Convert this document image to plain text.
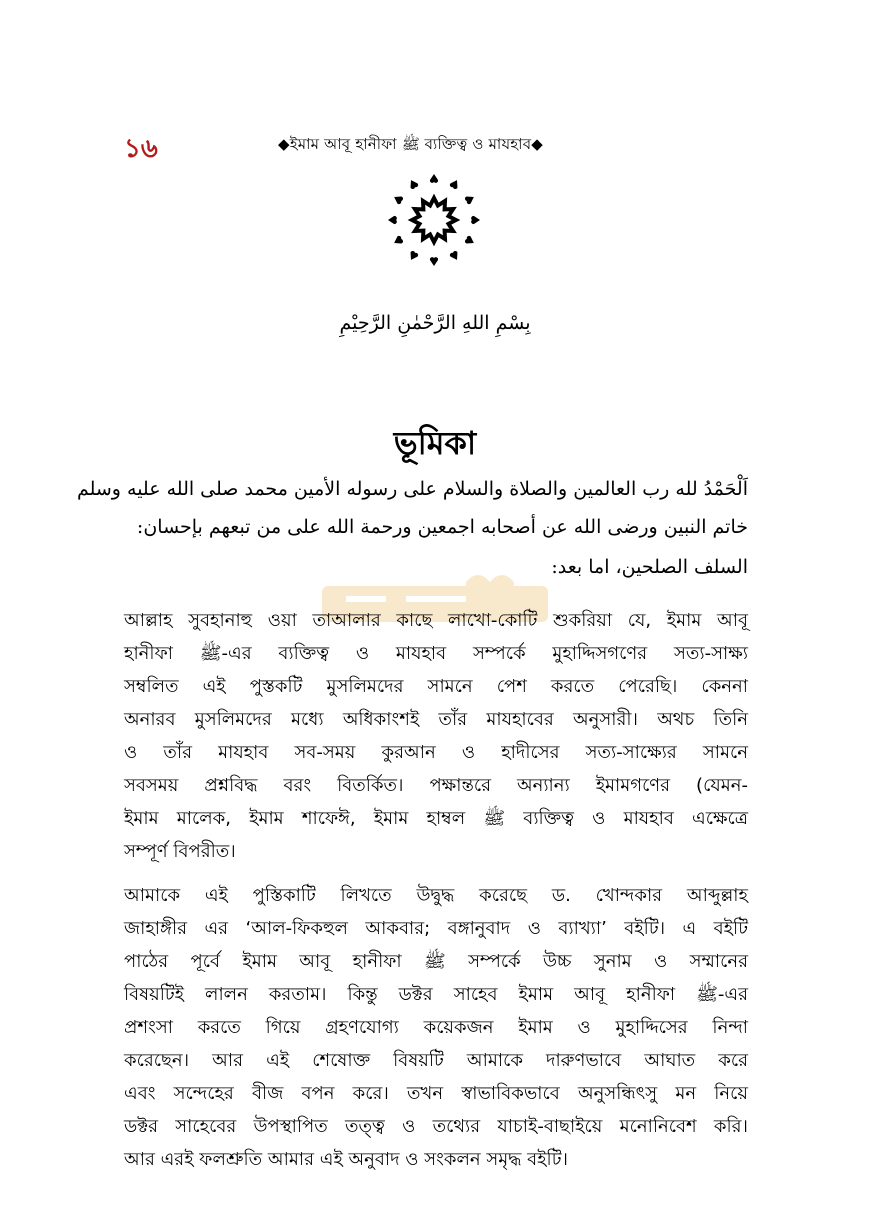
১৬	◆ইমাম আবূ হানীফা ﷺ ব্যক্তিত্ব ও মাযহাব◆
بِسْمِ اللهِ الرَّحْمٰنِ الرَّحِيْمِ
ভূমিকা
اَلْحَمْدُ لله رب العالمين والصلاة والسلام على رسوله الأمين محمد صلى الله عليه وسلم
خاتم النبين ورضى الله عن أصحابه اجمعين ورحمة الله على من تبعهم بإحسان:
السلف الصلحين، اما بعد:
আল্লাহ সুবহানাহু ওয়া তাআলার কাছে লাখো-কোটি শুকরিয়া যে, ইমাম আবূ
হানীফা ﷺ-এর ব্যক্তিত্ব ও মাযহাব সম্পর্কে মুহাদ্দিসগণের সত্য-সাক্ষ্য
সম্বলিত এই পুস্তকটি মুসলিমদের সামনে পেশ করতে পেরেছি। কেননা
অনারব মুসলিমদের মধ্যে অধিকাংশই তাঁর মাযহাবের অনুসারী। অথচ তিনি
ও তাঁর মাযহাব সব-সময় কুরআন ও হাদীসের সত্য-সাক্ষ্যের সামনে
সবসময় প্রশ্নবিদ্ধ বরং বিতর্কিত। পক্ষান্তরে অন্যান্য ইমামগণের (যেমন-
ইমাম মালেক, ইমাম শাফেঈ, ইমাম হাম্বল ﷺ ব্যক্তিত্ব ও মাযহাব এক্ষেত্রে
সম্পূর্ণ বিপরীত।
আমাকে এই পুস্তিকাটি লিখতে উদ্বুদ্ধ করেছে ড. খোন্দকার আব্দুল্লাহ
জাহাঙ্গীর এর ‘আল-ফিকহুল আকবার; বঙ্গানুবাদ ও ব্যাখ্যা’ বইটি। এ বইটি
পাঠের পূর্বে ইমাম আবূ হানীফা ﷺ সম্পর্কে উচ্চ সুনাম ও সম্মানের
বিষয়টিই লালন করতাম। কিন্তু ডক্টর সাহেব ইমাম আবূ হানীফা ﷺ-এর
প্রশংসা করতে গিয়ে গ্রহণযোগ্য কয়েকজন ইমাম ও মুহাদ্দিসের নিন্দা
করেছেন। আর এই শেষোক্ত বিষয়টি আমাকে দারুণভাবে আঘাত করে
এবং সন্দেহের বীজ বপন করে। তখন স্বাভাবিকভাবে অনুসন্ধিৎসু মন নিয়ে
ডক্টর সাহেবের উপস্থাপিত তত্ত্ব ও তথ্যের যাচাই-বাছাইয়ে মনোনিবেশ করি।
আর এরই ফলশ্রুতি আমার এই অনুবাদ ও সংকলন সমৃদ্ধ বইটি।
